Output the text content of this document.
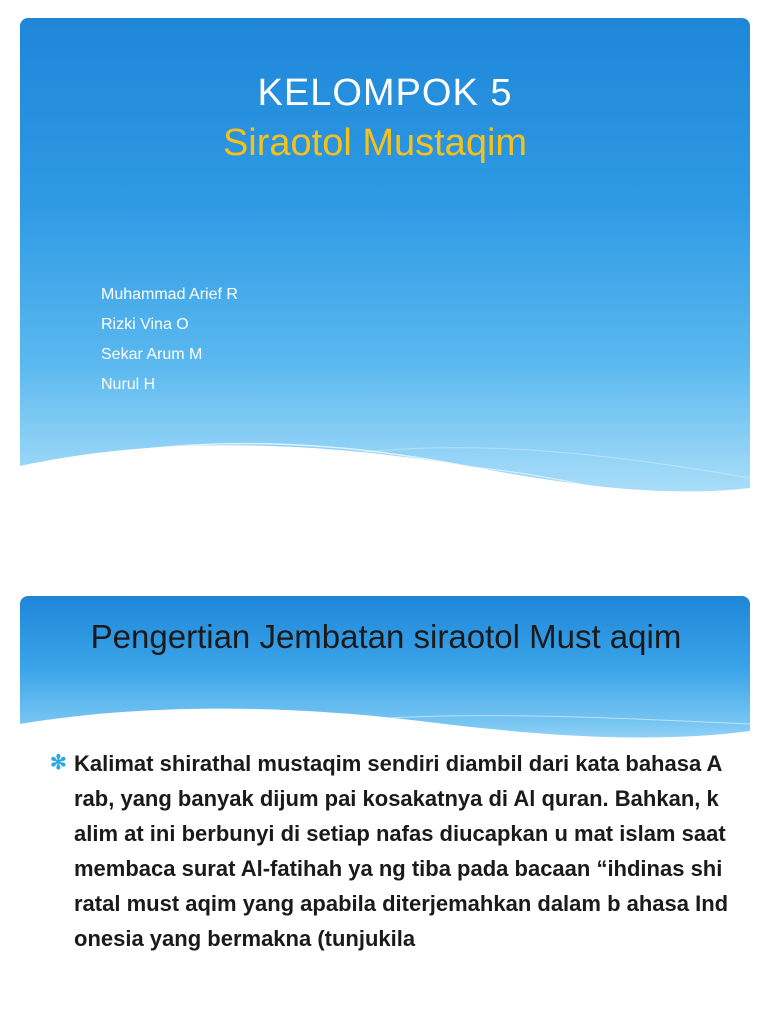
KELOMPOK 5
Siraotol Mustaqim
Muhammad Arief R
Rizki Vina O
Sekar Arum M
Nurul H
Pengertian Jembatan siraotol Must aqim
✻ Kalimat shirathal mustaqim sendiri diambil dari kata bahasa Arab, yang banyak dijum pai kosakatnya di Al quran. Bahkan, kalim at ini berbunyi di setiap nafas diucapkan u mat islam saat membaca surat Al-fatihah ya ng tiba pada bacaan “ihdinas shiratal must aqim yang apabila diterjemahkan dalam b ahasa Indonesia yang bermakna (tunjukila
